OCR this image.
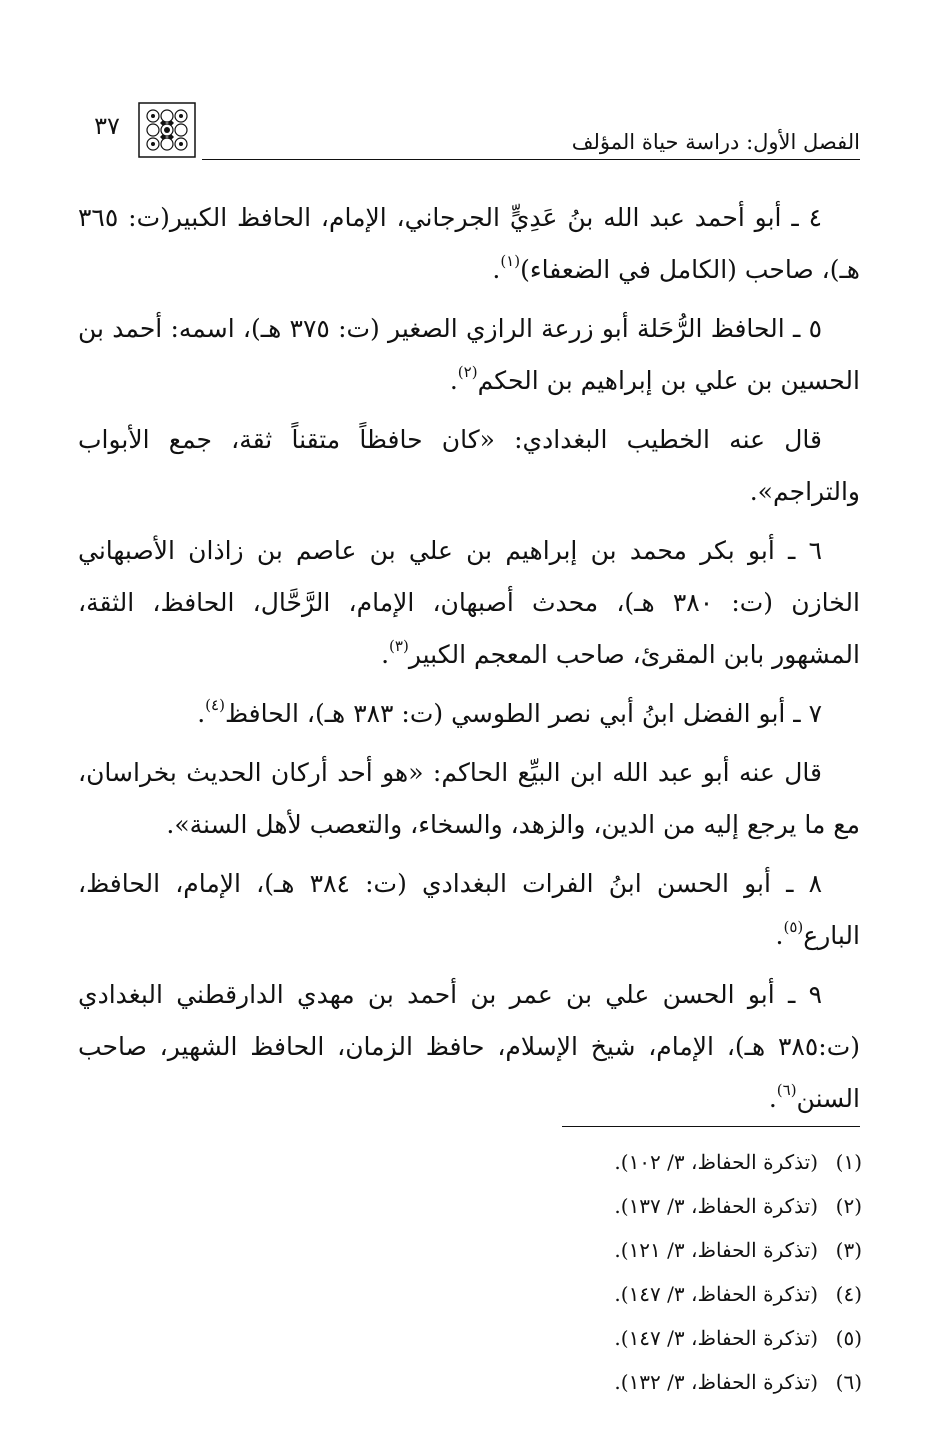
الفصل الأول: دراسة حياة المؤلف
٣٧

٤ ـ أبو أحمد عبد الله بنُ عَدِيٍّ الجرجاني، الإمام، الحافظ الكبير(ت: ٣٦٥ هـ)، صاحب (الكامل في الضعفاء)$^{(١)}$.

٥ ـ الحافظ الرُّحَلة أبو زرعة الرازي الصغير (ت: ٣٧٥ هـ)، اسمه: أحمد بن الحسين بن علي بن إبراهيم بن الحكم$^{(٢)}$.

قال عنه الخطيب البغدادي: «كان حافظاً متقناً ثقة، جمع الأبواب والتراجم».

٦ ـ أبو بكر محمد بن إبراهيم بن علي بن عاصم بن زاذان الأصبهاني الخازن (ت: ٣٨٠ هـ)، محدث أصبهان، الإمام، الرَّحَّال، الحافظ، الثقة، المشهور بابن المقرئ، صاحب المعجم الكبير$^{(٣)}$.

٧ ـ أبو الفضل ابنُ أبي نصر الطوسي (ت: ٣٨٣ هـ)، الحافظ$^{(٤)}$.

قال عنه أبو عبد الله ابن البيِّع الحاكم: «هو أحد أركان الحديث بخراسان، مع ما يرجع إليه من الدين، والزهد، والسخاء، والتعصب لأهل السنة».

٨ ـ أبو الحسن ابنُ الفرات البغدادي (ت: ٣٨٤ هـ)، الإمام، الحافظ، البارع$^{(٥)}$.

٩ ـ أبو الحسن علي بن عمر بن أحمد بن مهدي الدارقطني البغدادي (ت:٣٨٥ هـ)، الإمام، شيخ الإسلام، حافظ الزمان، الحافظ الشهير، صاحب السنن$^{(٦)}$.

(١)(تذكرة الحفاظ، ٣/ ١٠٢).
(٢)(تذكرة الحفاظ، ٣/ ١٣٧).
(٣)(تذكرة الحفاظ، ٣/ ١٢١).
(٤)(تذكرة الحفاظ، ٣/ ١٤٧).
(٥)(تذكرة الحفاظ، ٣/ ١٤٧).
(٦)(تذكرة الحفاظ، ٣/ ١٣٢).
